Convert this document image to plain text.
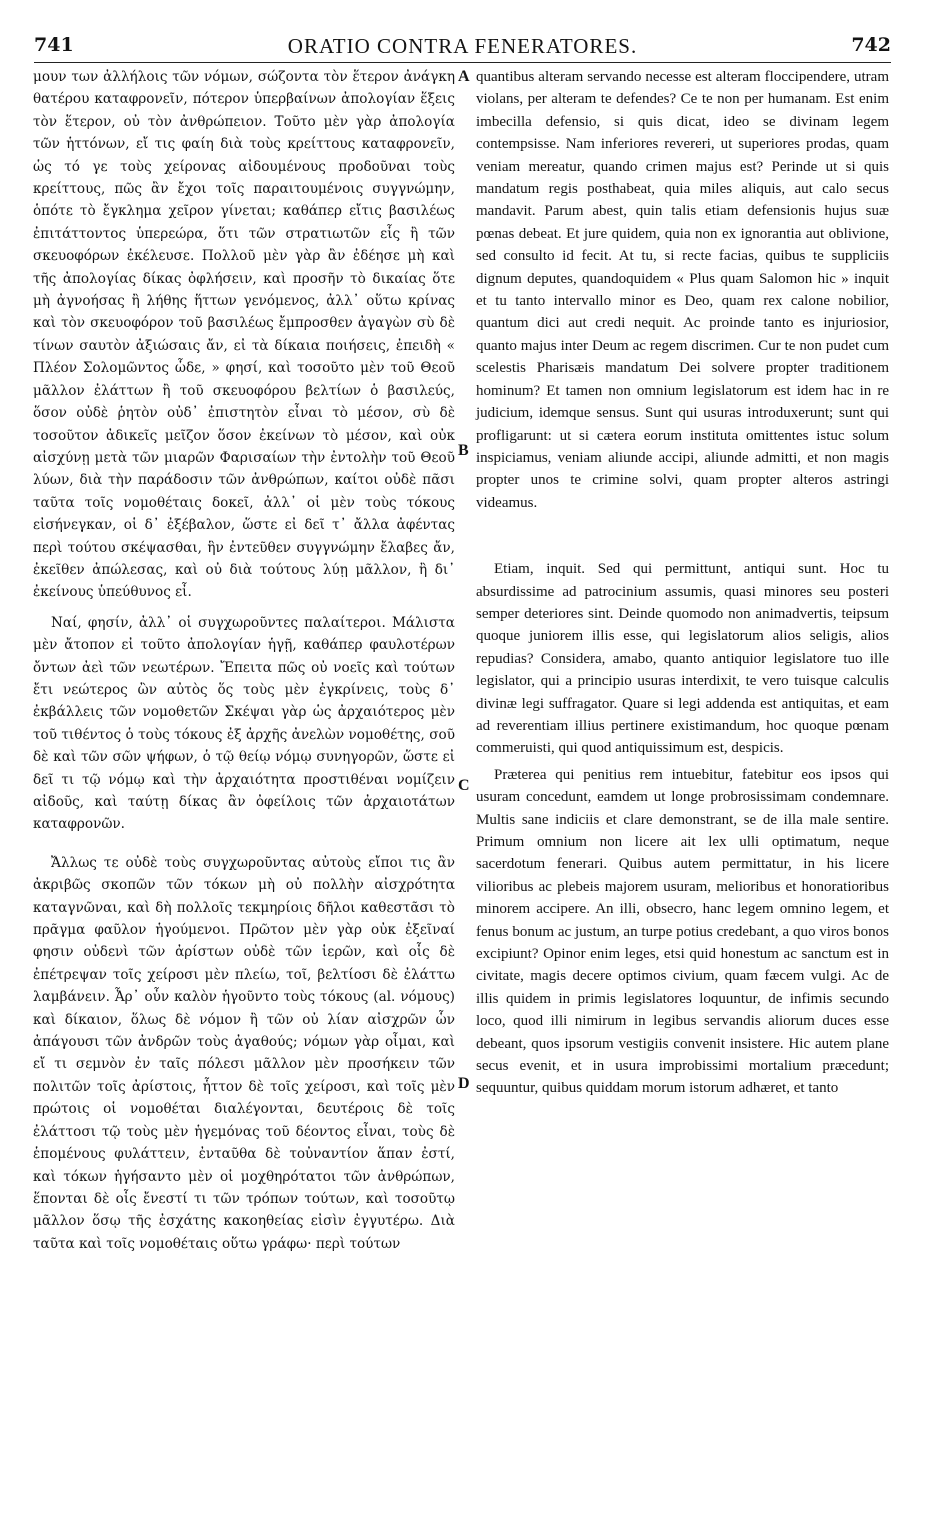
741	ORATIO CONTRA FENERATORES.	742
A
B
C
D

μουν των ἀλλήλοις τῶν νόμων, σώζοντα τὸν ἕτερον ἀνάγκη θατέρου καταφρονεῖν, πότερον ὑπερβαίνων ἀπολογίαν ἕξεις τὸν ἕτερον, οὐ τὸν ἀνθρώπειον. Τοῦτο μὲν γὰρ ἀπολογία τῶν ἡττόνων, εἴ τις φαίη διὰ τοὺς κρείττους καταφρονεῖν, ὡς τό γε τοὺς χείρονας αἰδουμένους προδοῦναι τοὺς κρείττους, πῶς ἂν ἔχοι τοῖς παραιτουμένοις συγγνώμην, ὁπότε τὸ ἔγκλημα χεῖρον γίνεται; καθάπερ εἴτις βασιλέως ἐπιτάττοντος ὑπερεώρα, ὅτι τῶν στρατιωτῶν εἷς ἢ τῶν σκευοφόρων ἐκέλευσε. Πολλοῦ μὲν γὰρ ἂν ἐδέησε μὴ καὶ τῆς ἀπολογίας δίκας ὀφλήσειν, καὶ προσῆν τὸ δικαίας ὅτε μὴ ἀγνοήσας ἢ λήθης ἥττων γενόμενος, ἀλλ᾽ οὕτω κρίνας καὶ τὸν σκευοφόρον τοῦ βασιλέως ἔμπροσθεν ἀγαγὼν σὺ δὲ τίνων σαυτὸν ἀξιώσαις ἄν, εἰ τὰ δίκαια ποιήσεις, ἐπειδὴ « Πλέον Σολομῶντος ὧδε, » φησί, καὶ τοσοῦτο μὲν τοῦ Θεοῦ μᾶλλον ἐλάττων ἢ τοῦ σκευοφόρου βελτίων ὁ βασιλεύς, ὅσον οὐδὲ ῥητὸν οὐδ᾽ ἐπιστητὸν εἶναι τὸ μέσον, σὺ δὲ τοσοῦτον ἀδικεῖς μεῖζον ὅσον ἐκείνων τὸ μέσον, καὶ οὐκ αἰσχύνῃ μετὰ τῶν μιαρῶν Φαρισαίων τὴν ἐντολὴν τοῦ Θεοῦ λύων, διὰ τὴν παράδοσιν τῶν ἀνθρώπων, καίτοι οὐδὲ πᾶσι ταῦτα τοῖς νομοθέταις δοκεῖ, ἀλλ᾽ οἱ μὲν τοὺς τόκους εἰσήνεγκαν, οἱ δ᾽ ἐξέβαλον, ὥστε εἰ δεῖ τ᾽ ἄλλα ἀφέντας περὶ τούτου σκέψασθαι, ἣν ἐντεῦθεν συγγνώμην ἔλαβες ἄν, ἐκεῖθεν ἀπώλεσας, καὶ οὐ διὰ τούτους λύῃ μᾶλλον, ἢ δι᾽ ἐκείνους ὑπεύθυνος εἶ.

Ναί, φησίν, ἀλλ᾽ οἱ συγχωροῦντες παλαίτεροι. Μάλιστα μὲν ἄτοπον εἰ τοῦτο ἀπολογίαν ἡγῇ, καθάπερ φαυλοτέρων ὄντων ἀεὶ τῶν νεωτέρων. Ἔπειτα πῶς οὐ νοεῖς καὶ τούτων ἔτι νεώτερος ὢν αὐτὸς ὅς τοὺς μὲν ἐγκρίνεις, τοὺς δ᾽ ἐκβάλλεις τῶν νομοθετῶν Σκέψαι γὰρ ὡς ἀρχαιότερος μὲν τοῦ τιθέντος ὁ τοὺς τόκους ἐξ ἀρχῆς ἀνελὼν νομοθέτης, σοῦ δὲ καὶ τῶν σῶν ψήφων, ὁ τῷ θείῳ νόμῳ συνηγορῶν, ὥστε εἰ δεῖ τι τῷ νόμῳ καὶ τὴν ἀρχαιότητα προστιθέναι νομίζειν αἰδοῦς, καὶ ταύτῃ δίκας ἂν ὀφείλοις τῶν ἀρχαιοτάτων καταφρονῶν.

Ἄλλως τε οὐδὲ τοὺς συγχωροῦντας αὐτοὺς εἴποι τις ἂν ἀκριβῶς σκοπῶν τῶν τόκων μὴ οὐ πολλὴν αἰσχρότητα καταγνῶναι, καὶ δὴ πολλοῖς τεκμηρίοις δῆλοι καθεστᾶσι τὸ πρᾶγμα φαῦλον ἡγούμενοι. Πρῶτον μὲν γὰρ οὐκ ἐξεῖναί φησιν οὐδενὶ τῶν ἀρίστων οὐδὲ τῶν ἱερῶν, καὶ οἷς δὲ ἐπέτρεψαν τοῖς χείροσι μὲν πλείω, τοῖ, βελτίοσι δὲ ἐλάττω λαμβάνειν. Ἆρ᾽ οὖν καλὸν ἡγοῦντο τοὺς τόκους (al. νόμους) καὶ δίκαιον, ὅλως δὲ νόμον ἢ τῶν οὐ λίαν αἰσχρῶν ὧν ἀπάγουσι τῶν ἀνδρῶν τοὺς ἀγαθούς; νόμων γὰρ οἶμαι, καὶ εἴ τι σεμνὸν ἐν ταῖς πόλεσι μᾶλλον μὲν προσήκειν τῶν πολιτῶν τοῖς ἀρίστοις, ἧττον δὲ τοῖς χείροσι, καὶ τοῖς μὲν πρώτοις οἱ νομοθέται διαλέγονται, δευτέροις δὲ τοῖς ἐλάττοσι τῷ τοὺς μὲν ἡγεμόνας τοῦ δέοντος εἶναι, τοὺς δὲ ἑπομένους φυλάττειν, ἐνταῦθα δὲ τοὐναντίον ἅπαν ἐστί, καὶ τόκων ἡγήσαντο μὲν οἱ μοχθηρότατοι τῶν ἀνθρώπων, ἕπονται δὲ οἷς ἔνεστί τι τῶν τρόπων τούτων, καὶ τοσοῦτῳ μᾶλλον ὅσῳ τῆς ἐσχάτης κακοηθείας εἰσὶν ἐγγυτέρω. Διὰ ταῦτα καὶ τοῖς νομοθέταις οὕτω γράφω· περὶ τούτων

quantibus alteram servando necesse est alteram floccipendere, utram violans, per alteram te defendes? Ce te non per humanam. Est enim imbecilla defensio, si quis dicat, ideo se divinam legem contempsisse. Nam inferiores revereri, ut superiores prodas, quam veniam mereatur, quando crimen majus est? Perinde ut si quis mandatum regis posthabeat, quia miles aliquis, aut calo secus mandavit. Parum abest, quin talis etiam defensionis hujus suæ pœnas debeat. Et jure quidem, quia non ex ignorantia aut oblivione, sed consulto id fecit. At tu, si recte facias, quibus te suppliciis dignum deputes, quandoquidem « Plus quam Salomon hic » inquit et tu tanto intervallo minor es Deo, quam rex calone nobilior, quantum dici aut credi nequit. Ac proinde tanto es injuriosior, quanto majus inter Deum ac regem discrimen. Cur te non pudet cum scelestis Pharisæis mandatum Dei solvere propter traditionem hominum? Et tamen non omnium legislatorum est idem hac in re judicium, idemque sensus. Sunt qui usuras introduxerunt; sunt qui profligarunt: ut si cætera eorum instituta omittentes istuc solum inspiciamus, veniam aliunde accipi, aliunde admitti, et non magis propter unos te crimine solvi, quam propter alteros astringi videamus.

Etiam, inquit. Sed qui permittunt, antiqui sunt. Hoc tu absurdissime ad patrocinium assumis, quasi minores seu posteri semper deteriores sint. Deinde quomodo non animadvertis, teipsum quoque juniorem illis esse, qui legislatorum alios seligis, alios repudias? Considera, amabo, quanto antiquior legislatore tuo ille legislator, qui a principio usuras interdixit, te vero tuisque calculis divinæ legi suffragator. Quare si legi addenda est antiquitas, et eam ad reverentiam illius pertinere existimandum, hoc quoque pœnam commeruisti, qui quod antiquissimum est, despicis.

Præterea qui penitius rem intuebitur, fatebitur eos ipsos qui usuram concedunt, eamdem ut longe probrosissimam condemnare. Multis sane indiciis et clare demonstrant, se de illa male sentire. Primum omnium non licere ait lex ulli optimatum, neque sacerdotum fenerari. Quibus autem permittatur, in his licere vilioribus ac plebeis majorem usuram, melioribus et honoratioribus minorem accipere. An illi, obsecro, hanc legem omnino legem, et fenus bonum ac justum, an turpe potius credebant, a quo viros bonos excipiunt? Opinor enim leges, etsi quid honestum ac sanctum est in civitate, magis decere optimos civium, quam fæcem vulgi. Ac de illis quidem in primis legislatores loquuntur, de infimis secundo loco, quod illi nimirum in legibus servandis aliorum duces esse debeant, quos ipsorum vestigiis convenit insistere. Hic autem plane secus evenit, et in usura improbissimi mortalium præcedunt; sequuntur, quibus quiddam morum istorum adhæret, et tanto
